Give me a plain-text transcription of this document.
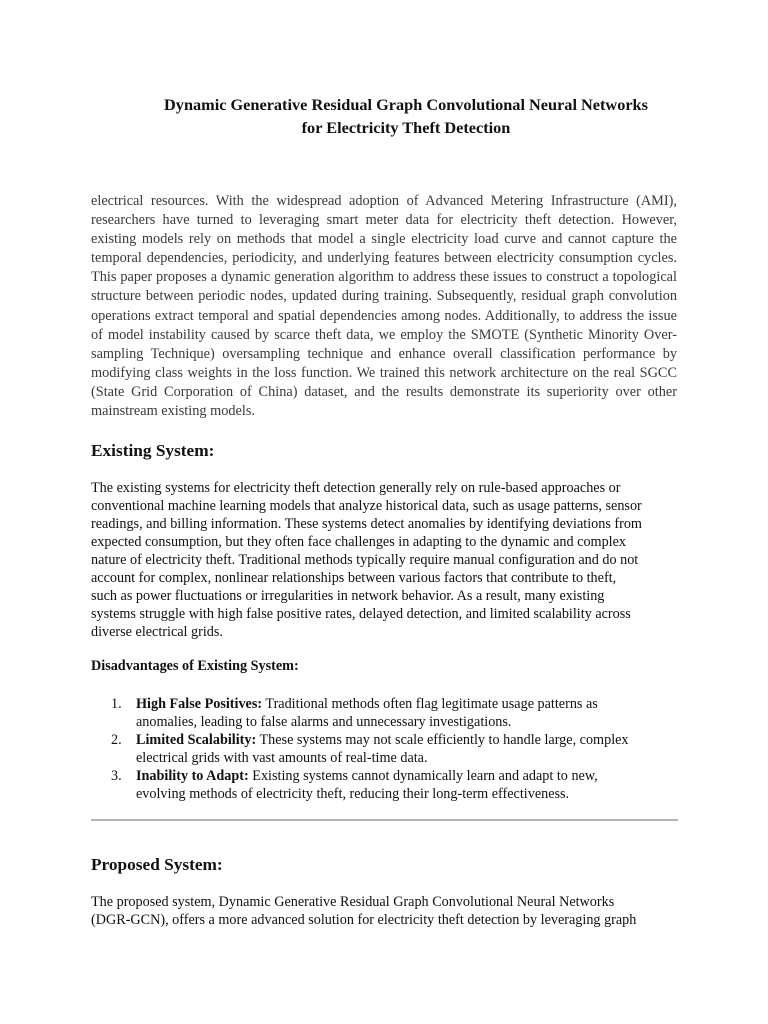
Dynamic Generative Residual Graph Convolutional Neural Networks
for Electricity Theft Detection

electrical resources. With the widespread adoption of Advanced Metering Infrastructure (AMI), researchers have turned to leveraging smart meter data for electricity theft detection. However, existing models rely on methods that model a single electricity load curve and cannot capture the temporal dependencies, periodicity, and underlying features between electricity consumption cycles. This paper proposes a dynamic generation algorithm to address these issues to construct a topological structure between periodic nodes, updated during training. Subsequently, residual graph convolution operations extract temporal and spatial dependencies among nodes. Additionally, to address the issue of model instability caused by scarce theft data, we employ the SMOTE (Synthetic Minority Over-sampling Technique) oversampling technique and enhance overall classification performance by modifying class weights in the loss function. We trained this network architecture on the real SGCC (State Grid Corporation of China) dataset, and the results demonstrate its superiority over other mainstream existing models.

Existing System:

The existing systems for electricity theft detection generally rely on rule-based approaches or
conventional machine learning models that analyze historical data, such as usage patterns, sensor
readings, and billing information. These systems detect anomalies by identifying deviations from
expected consumption, but they often face challenges in adapting to the dynamic and complex
nature of electricity theft. Traditional methods typically require manual configuration and do not
account for complex, nonlinear relationships between various factors that contribute to theft,
such as power fluctuations or irregularities in network behavior. As a result, many existing
systems struggle with high false positive rates, delayed detection, and limited scalability across
diverse electrical grids.

Disadvantages of Existing System:
1. High False Positives: Traditional methods often flag legitimate usage patterns as
anomalies, leading to false alarms and unnecessary investigations.
2. Limited Scalability: These systems may not scale efficiently to handle large, complex
electrical grids with vast amounts of real-time data.
3. Inability to Adapt: Existing systems cannot dynamically learn and adapt to new,
evolving methods of electricity theft, reducing their long-term effectiveness.
Proposed System:

The proposed system, Dynamic Generative Residual Graph Convolutional Neural Networks
(DGR-GCN), offers a more advanced solution for electricity theft detection by leveraging graph
